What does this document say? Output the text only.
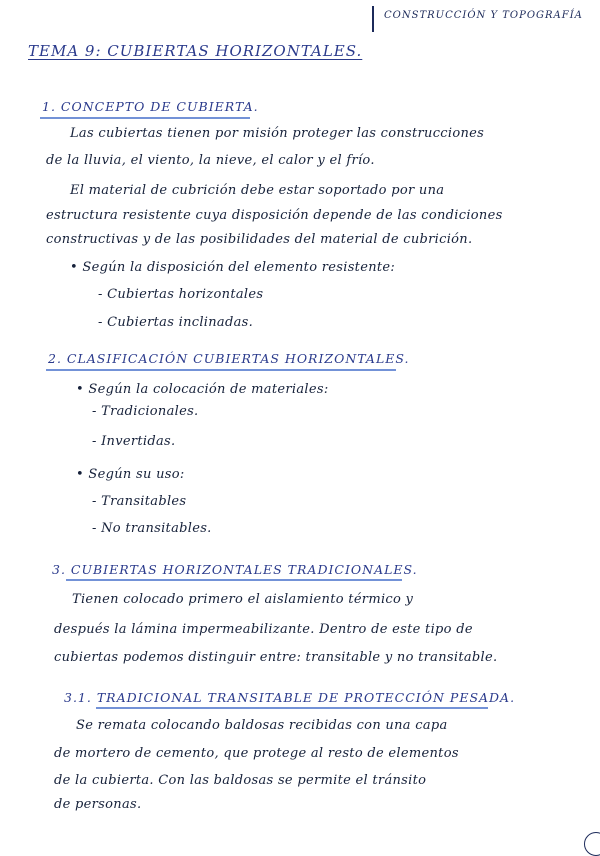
CONSTRUCCIÓN Y TOPOGRAFÍA
TEMA 9: CUBIERTAS HORIZONTALES.
1. CONCEPTO DE CUBIERTA.
Las cubiertas tienen por misión proteger las construcciones
de la lluvia, el viento, la nieve, el calor y el frío.
El material de cubrición debe estar soportado por una
estructura resistente cuya disposición depende de las condiciones
constructivas y de las posibilidades del material de cubrición.
• Según la disposición del elemento resistente:
- Cubiertas horizontales
- Cubiertas inclinadas.
2. CLASIFICACIÓN CUBIERTAS HORIZONTALES.
• Según la colocación de materiales:
- Tradicionales.
- Invertidas.
• Según su uso:
- Transitables
- No transitables.
3. CUBIERTAS HORIZONTALES TRADICIONALES.
Tienen colocado primero el aislamiento térmico y
después la lámina impermeabilizante. Dentro de este tipo de
cubiertas podemos distinguir entre: transitable y no transitable.
3.1. TRADICIONAL TRANSITABLE DE PROTECCIÓN PESADA.
Se remata colocando baldosas recibidas con una capa
de mortero de cemento, que protege al resto de elementos
de la cubierta. Con las baldosas se permite el tránsito
de personas.
